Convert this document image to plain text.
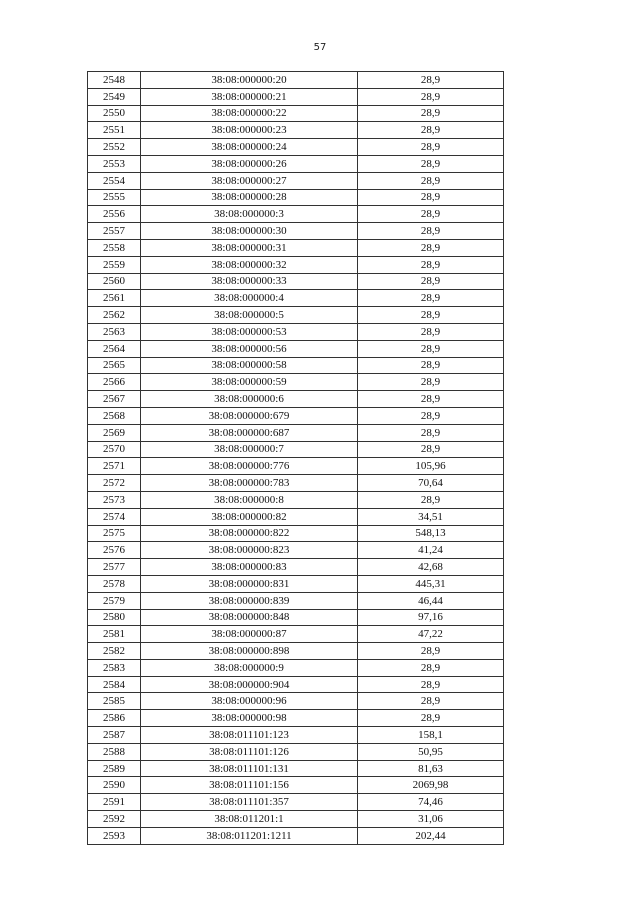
57
2548	38:08:000000:20	28,9
2549	38:08:000000:21	28,9
2550	38:08:000000:22	28,9
2551	38:08:000000:23	28,9
2552	38:08:000000:24	28,9
2553	38:08:000000:26	28,9
2554	38:08:000000:27	28,9
2555	38:08:000000:28	28,9
2556	38:08:000000:3	28,9
2557	38:08:000000:30	28,9
2558	38:08:000000:31	28,9
2559	38:08:000000:32	28,9
2560	38:08:000000:33	28,9
2561	38:08:000000:4	28,9
2562	38:08:000000:5	28,9
2563	38:08:000000:53	28,9
2564	38:08:000000:56	28,9
2565	38:08:000000:58	28,9
2566	38:08:000000:59	28,9
2567	38:08:000000:6	28,9
2568	38:08:000000:679	28,9
2569	38:08:000000:687	28,9
2570	38:08:000000:7	28,9
2571	38:08:000000:776	105,96
2572	38:08:000000:783	70,64
2573	38:08:000000:8	28,9
2574	38:08:000000:82	34,51
2575	38:08:000000:822	548,13
2576	38:08:000000:823	41,24
2577	38:08:000000:83	42,68
2578	38:08:000000:831	445,31
2579	38:08:000000:839	46,44
2580	38:08:000000:848	97,16
2581	38:08:000000:87	47,22
2582	38:08:000000:898	28,9
2583	38:08:000000:9	28,9
2584	38:08:000000:904	28,9
2585	38:08:000000:96	28,9
2586	38:08:000000:98	28,9
2587	38:08:011101:123	158,1
2588	38:08:011101:126	50,95
2589	38:08:011101:131	81,63
2590	38:08:011101:156	2069,98
2591	38:08:011101:357	74,46
2592	38:08:011201:1	31,06
2593	38:08:011201:1211	202,44
